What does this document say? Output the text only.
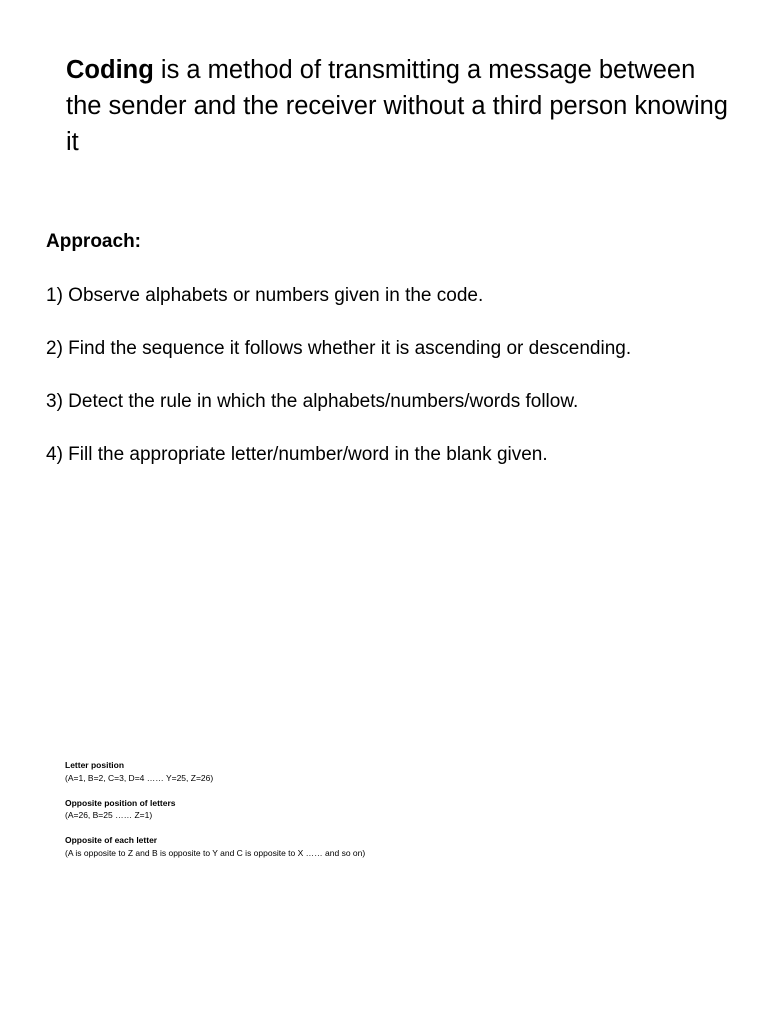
Coding is a method of transmitting a message between the sender and the receiver without a third person knowing it

Approach:
1) Observe alphabets or numbers given in the code.
2) Find the sequence it follows whether it is ascending or descending.
3) Detect the rule in which the alphabets/numbers/words follow.
4) Fill the appropriate letter/number/word in the blank given.
Letter position
(A=1, B=2, C=3, D=4 …… Y=25, Z=26)
Opposite position of letters
(A=26, B=25 …… Z=1)
Opposite of each letter
(A is opposite to Z and B is opposite to Y and C is opposite to X …… and so on)
